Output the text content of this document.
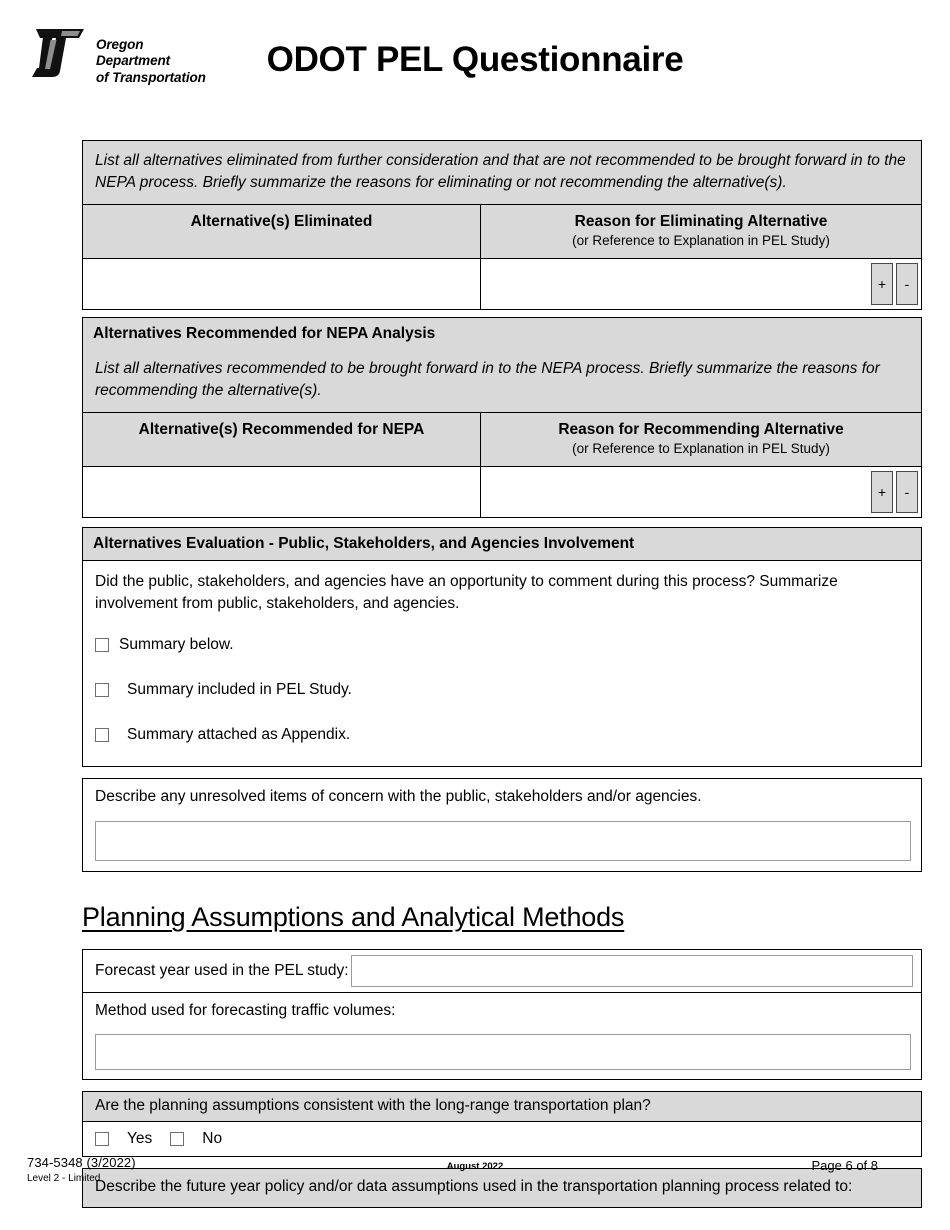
Oregon
Department
of Transportation	ODOT PEL Questionnaire
List all alternatives eliminated from further consideration and that are not recommended to be brought forward in to the NEPA process. Briefly summarize the reasons for eliminating or not recommending the alternative(s).
Alternative(s) Eliminated	Reason for Eliminating Alternative
(or Reference to Explanation in PEL Study)
+	-
Alternatives Recommended for NEPA Analysis
List all alternatives recommended to be brought forward in to the NEPA process. Briefly summarize the reasons for recommending the alternative(s).
Alternative(s) Recommended for NEPA	Reason for Recommending Alternative
(or Reference to Explanation in PEL Study)
+	-
Alternatives Evaluation - Public, Stakeholders, and Agencies Involvement
Did the public, stakeholders, and agencies have an opportunity to comment during this process? Summarize involvement from public, stakeholders, and agencies.
Summary below.
Summary included in PEL Study.
Summary attached as Appendix.
Describe any unresolved items of concern with the public, stakeholders and/or agencies.
Planning Assumptions and Analytical Methods
Forecast year used in the PEL study:
Method used for forecasting traffic volumes:
Are the planning assumptions consistent with the long-range transportation plan?
Yes	No
Describe the future year policy and/or data assumptions used in the transportation planning process related to:
734-5348 (3/2022)
Level 2 - Limited
August 2022	Page 6 of 8
